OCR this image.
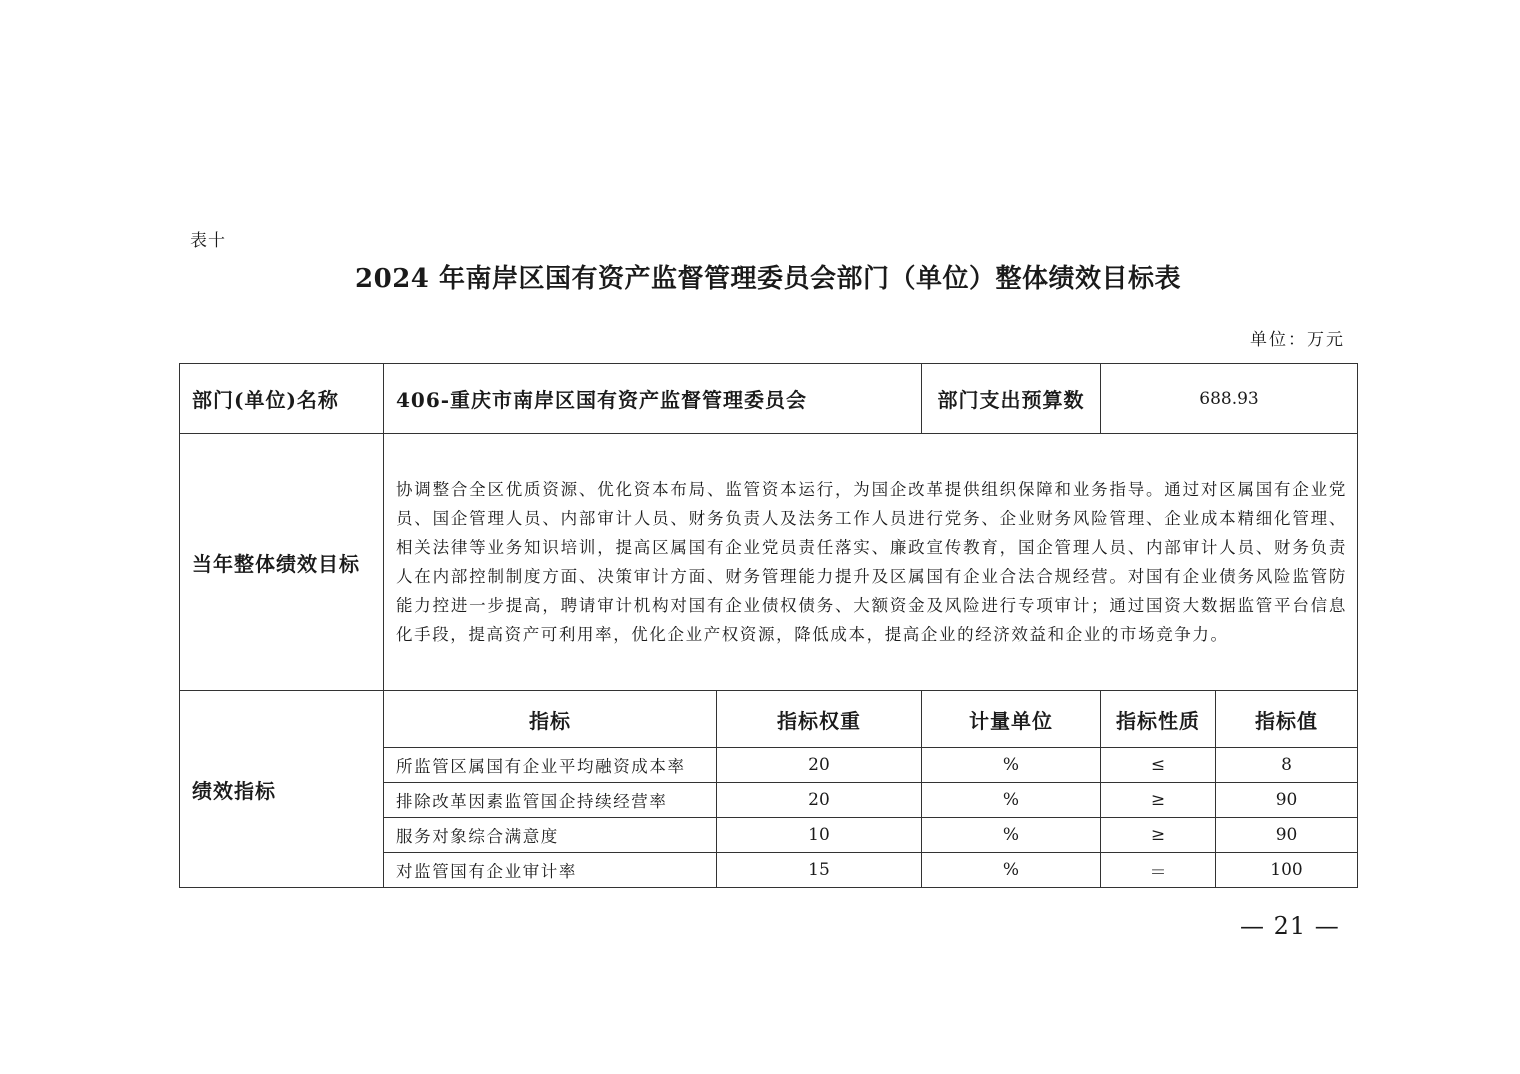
表十
2024 年南岸区国有资产监督管理委员会部门（单位）整体绩效目标表
单位：万元
部门(单位)名称	406-重庆市南岸区国有资产监督管理委员会		部门支出预算数	688.93	
当年整体绩效目标	协调整合全区优质资源、优化资本布局、监管资本运行，为国企改革提供组织保障和业务指导。通过对区属国有企业党员、国企管理人员、内部审计人员、财务负责人及法务工作人员进行党务、企业财务风险管理、企业成本精细化管理、相关法律等业务知识培训，提高区属国有企业党员责任落实、廉政宣传教育，国企管理人员、内部审计人员、财务负责人在内部控制制度方面、决策审计方面、财务管理能力提升及区属国有企业合法合规经营。对国有企业债务风险监管防能力控进一步提高，聘请审计机构对国有企业债权债务、大额资金及风险进行专项审计；通过国资大数据监管平台信息化手段，提高资产可利用率，优化企业产权资源，降低成本，提高企业的经济效益和企业的市场竞争力。				
绩效指标	指标	指标权重	计量单位	指标性质	指标值
	所监管区属国有企业平均融资成本率	20	%	≤	8
	排除改革因素监管国企持续经营率	20	%	≥	90
	服务对象综合满意度	10	%	≥	90
	对监管国有企业审计率	15	%	＝	100
— 21 —
